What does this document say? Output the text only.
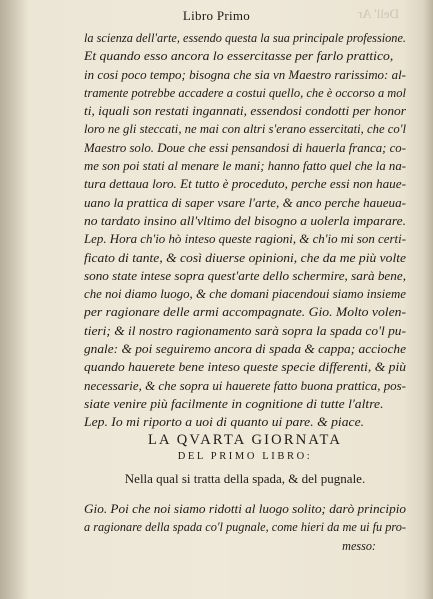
Libro Primo	Dell' Ar
la scienza dell'arte, essendo questa la sua principale professione.
Et quando esso ancora lo essercitasse per farlo prattico,
in cosi poco tempo; bisogna che sia vn Maestro rarissimo: al-
tramente potrebbe accadere a costui quello, che è occorso a mol
ti, iquali son restati ingannati, essendosi condotti per honor
loro ne gli steccati, ne mai con altri s'erano essercitati, che co'l
Maestro solo. Doue che essi pensandosi di hauerla franca; co-
me son poi stati al menare le mani; hanno fatto quel che la na-
tura dettaua loro. Et tutto è proceduto, perche essi non haue-
uano la prattica di saper vsare l'arte, & anco perche haueua-
no tardato insino all'vltimo del bisogno a uolerla imparare.
Lep. Hora ch'io hò inteso queste ragioni, & ch'io mi son certi-
ficato di tante, & così diuerse opinioni, che da me più volte
sono state intese sopra quest'arte dello schermire, sarà bene,
che noi diamo luogo, & che domani piacendoui siamo insieme
per ragionare delle armi accompagnate. Gio. Molto volen-
tieri; & il nostro ragionamento sarà sopra la spada co'l pu-
gnale: & poi seguiremo ancora di spada & cappa; accioche
quando hauerete bene inteso queste specie differenti, & più
necessarie, & che sopra ui hauerete fatto buona prattica, pos-
siate venire più facilmente in cognitione di tutte l'altre.
Lep. Io mi riporto a uoi di quanto ui pare. & piace.
LA QVARTA GIORNATA
DEL PRIMO LIBRO:
Nella qual si tratta della spada, & del pugnale.
Gio. Poi che noi siamo ridotti al luogo solito; darò principio
a ragionare della spada co'l pugnale, come hieri da me ui fu pro-
messo:
